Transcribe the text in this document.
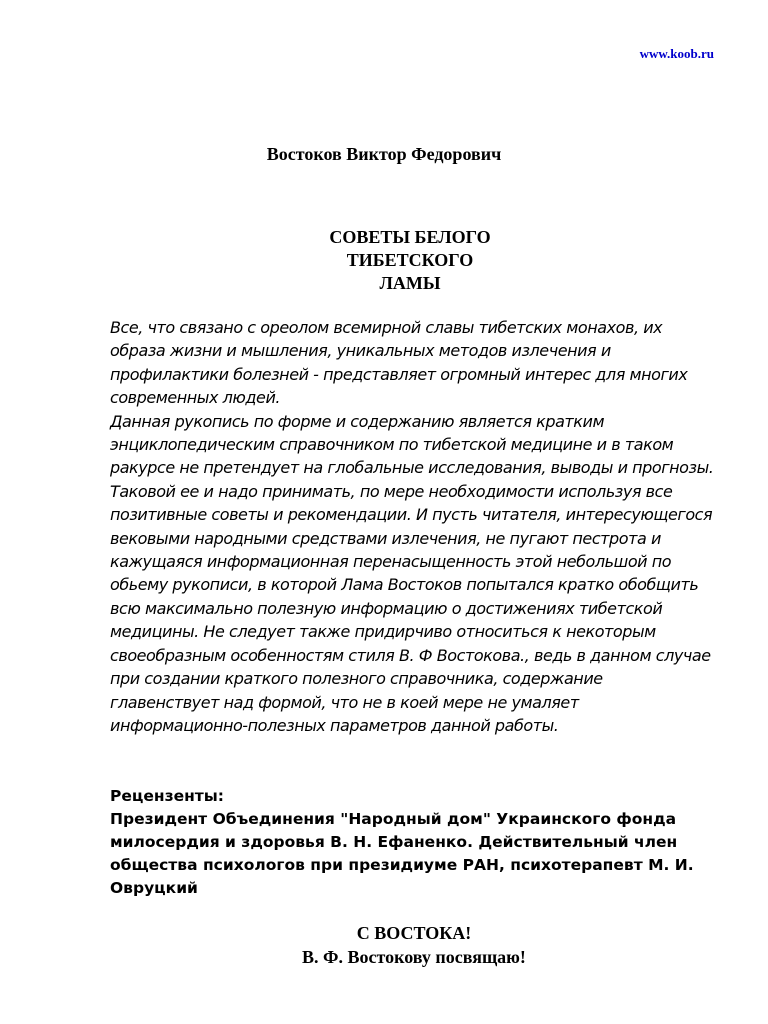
www.koob.ru
Востоков Виктор Федорович
СОВЕТЫ БЕЛОГО
ТИБЕТСКОГО
ЛАМЫ

Все, что связано с ореолом всемирной славы тибетских монахов, их образа жизни и мышления, уникальных методов излечения и профилактики болезней - представляет огромный интерес для многих современных людей.

Данная рукопись по форме и содержанию является кратким энциклопедическим справочником по тибетской медицине и в таком ракурсе не претендует на глобальные исследования, выводы и прогнозы. Таковой ее и надо принимать, по мере необходимости используя все позитивные советы и рекомендации. И пусть читателя, интересующегося вековыми народными средствами излечения, не пугают пестрота и кажущаяся информационная перенасыщенность этой небольшой по обьему рукописи, в которой Лама Востоков попытался кратко обобщить всю максимально полезную информацию о достижениях тибетской медицины. Не следует также придирчиво относиться к некоторым своеобразным особенностям стиля В. Ф Востокова., ведь в данном случае при создании краткого полезного справочника, содержание главенствует над формой, что не в коей мере не умаляет информационно-полезных параметров данной работы.

Рецензенты:

Президент Объединения "Народный дом" Украинского фонда милосердия и здоровья В. Н. Ефаненко. Действительный член общества психологов при президиуме РАН, психотерапевт М. И. Овруцкий

С ВОСТОКА!
В. Ф. Востокову посвящаю!
